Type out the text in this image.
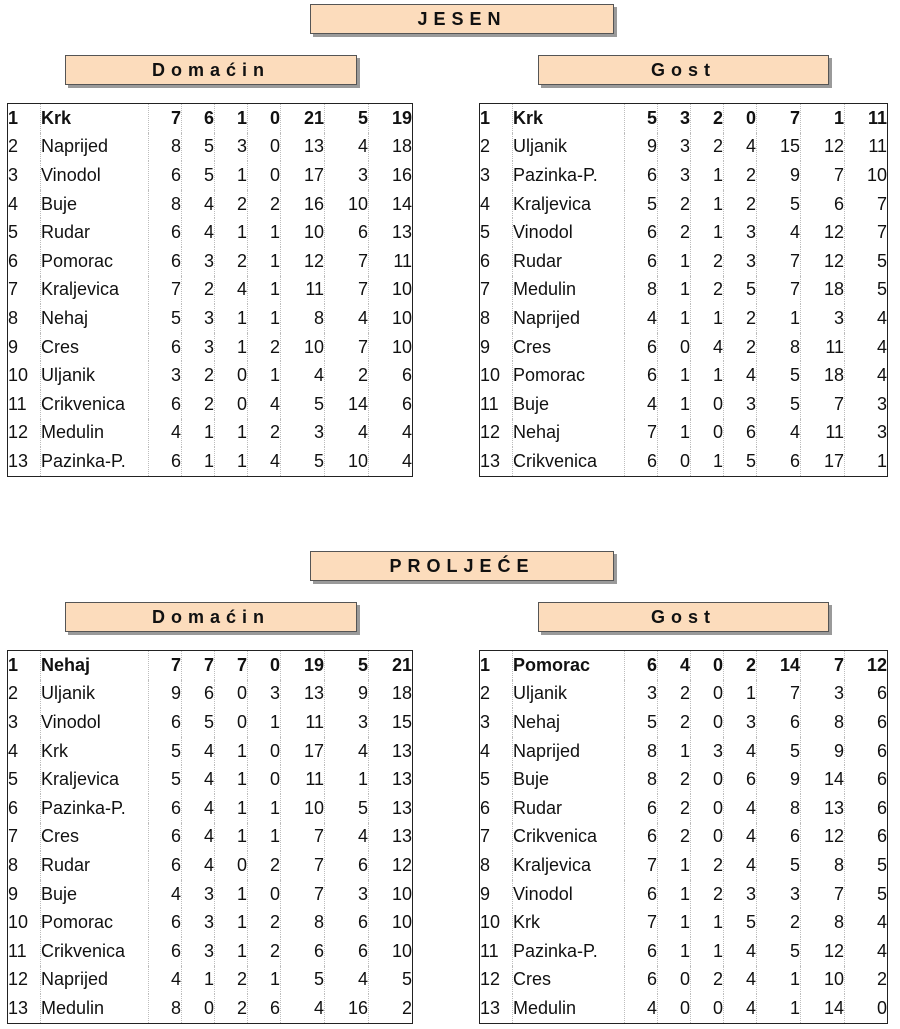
JESEN
Domaćin	Gost
1	Krk	7	6	1	0	21	5	19
2	Naprijed	8	5	3	0	13	4	18
3	Vinodol	6	5	1	0	17	3	16
4	Buje	8	4	2	2	16	10	14
5	Rudar	6	4	1	1	10	6	13
6	Pomorac	6	3	2	1	12	7	11
7	Kraljevica	7	2	4	1	11	7	10
8	Nehaj	5	3	1	1	8	4	10
9	Cres	6	3	1	2	10	7	10
10	Uljanik	3	2	0	1	4	2	6
11	Crikvenica	6	2	0	4	5	14	6
12	Medulin	4	1	1	2	3	4	4
13	Pazinka-P.	6	1	1	4	5	10	4
1	Krk	5	3	2	0	7	1	11
2	Uljanik	9	3	2	4	15	12	11
3	Pazinka-P.	6	3	1	2	9	7	10
4	Kraljevica	5	2	1	2	5	6	7
5	Vinodol	6	2	1	3	4	12	7
6	Rudar	6	1	2	3	7	12	5
7	Medulin	8	1	2	5	7	18	5
8	Naprijed	4	1	1	2	1	3	4
9	Cres	6	0	4	2	8	11	4
10	Pomorac	6	1	1	4	5	18	4
11	Buje	4	1	0	3	5	7	3
12	Nehaj	7	1	0	6	4	11	3
13	Crikvenica	6	0	1	5	6	17	1
PROLJEĆE
Domaćin	Gost
1	Nehaj	7	7	7	0	19	5	21
2	Uljanik	9	6	0	3	13	9	18
3	Vinodol	6	5	0	1	11	3	15
4	Krk	5	4	1	0	17	4	13
5	Kraljevica	5	4	1	0	11	1	13
6	Pazinka-P.	6	4	1	1	10	5	13
7	Cres	6	4	1	1	7	4	13
8	Rudar	6	4	0	2	7	6	12
9	Buje	4	3	1	0	7	3	10
10	Pomorac	6	3	1	2	8	6	10
11	Crikvenica	6	3	1	2	6	6	10
12	Naprijed	4	1	2	1	5	4	5
13	Medulin	8	0	2	6	4	16	2
1	Pomorac	6	4	0	2	14	7	12
2	Uljanik	3	2	0	1	7	3	6
3	Nehaj	5	2	0	3	6	8	6
4	Naprijed	8	1	3	4	5	9	6
5	Buje	8	2	0	6	9	14	6
6	Rudar	6	2	0	4	8	13	6
7	Crikvenica	6	2	0	4	6	12	6
8	Kraljevica	7	1	2	4	5	8	5
9	Vinodol	6	1	2	3	3	7	5
10	Krk	7	1	1	5	2	8	4
11	Pazinka-P.	6	1	1	4	5	12	4
12	Cres	6	0	2	4	1	10	2
13	Medulin	4	0	0	4	1	14	0
